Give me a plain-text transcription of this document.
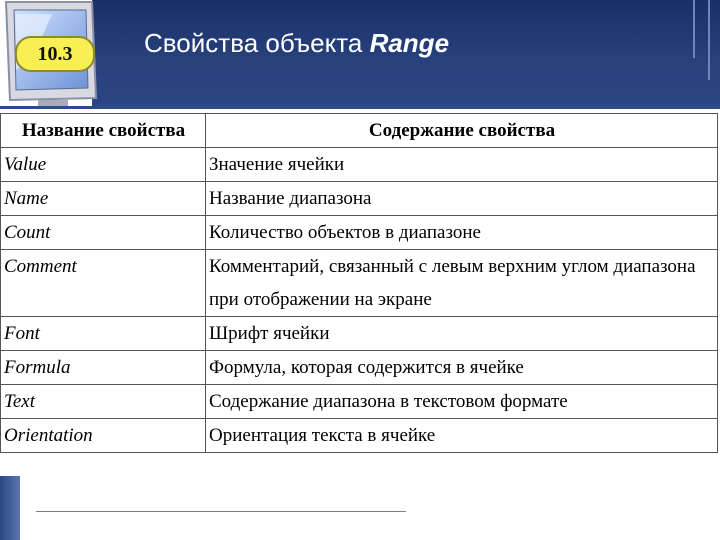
10.3	Свойства объекта Range
Название свойства	Содержание свойства
Value	Значение ячейки
Name	Название диапазона
Count	Количество объектов в диапазоне
Comment	Комментарий, связанный с левым верхним углом диапазона при отображении на экране
Font	Шрифт ячейки
Formula	Формула, которая содержится в ячейке
Text	Содержание диапазона в текстовом формате
Orientation	Ориентация текста в ячейке
